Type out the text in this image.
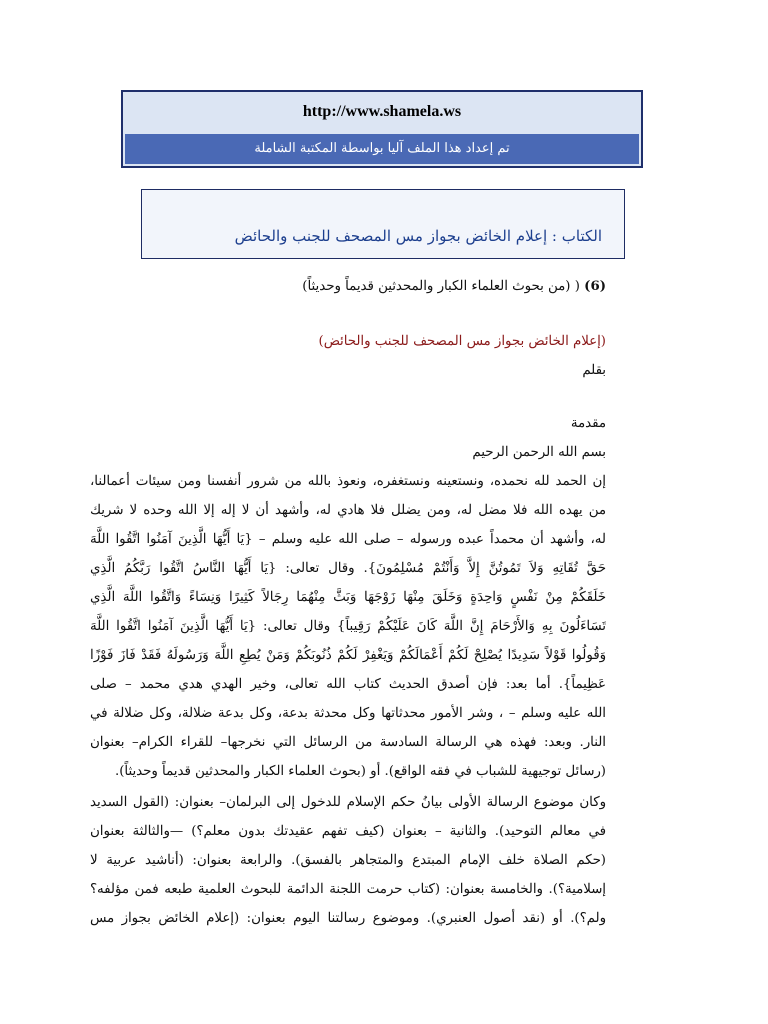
http://www.shamela.ws
تم إعداد هذا الملف آليا بواسطة المكتبة الشاملة
الكتاب : إعلام الخائض بجواز مس المصحف للجنب والحائض
(6) ( (من بحوث العلماء الكبار والمحدثين قديماً وحديثاً)
(إعلام الخائض بجواز مس المصحف للجنب والحائض)
بقلم
مقدمة
بسم الله الرحمن الرحيم
إن الحمد لله نحمده، ونستعينه ونستغفره، ونعوذ بالله من شرور أنفسنا ومن سيئات أعمالنا،
من يهده الله فلا مضل له، ومن يضلل فلا هادي له، وأشهد أن لا إله إلا الله وحده لا شريك
له، وأشهد أن محمداً عبده ورسوله – صلى الله عليه وسلم – {يَا أَيُّهَا الَّذِينَ آمَنُوا اتَّقُوا اللَّهَ
حَقَّ تُقَاتِهِ وَلاَ تَمُوتُنَّ إِلاَّ وَأَنْتُمْ مُسْلِمُونَ}. وقال تعالى: {يَا أَيُّهَا النَّاسُ اتَّقُوا رَبَّكُمُ الَّذِي
خَلَقَكُمْ مِنْ نَفْسٍ وَاحِدَةٍ وَخَلَقَ مِنْهَا زَوْجَهَا وَبَثَّ مِنْهُمَا رِجَالاً كَثِيرًا وَنِسَاءً وَاتَّقُوا اللَّهَ الَّذِي
تَسَاءَلُونَ بِهِ وَالأَرْحَامَ إِنَّ اللَّهَ كَانَ عَلَيْكُمْ رَقِيباً} وقال تعالى: {يَا أَيُّهَا الَّذِينَ آمَنُوا اتَّقُوا اللَّهَ
وَقُولُوا قَوْلاً سَدِيدًا يُصْلِحْ لَكُمْ أَعْمَالَكُمْ وَيَغْفِرْ لَكُمْ ذُنُوبَكُمْ وَمَنْ يُطِعِ اللَّهَ وَرَسُولَهُ فَقَدْ فَازَ فَوْزًا
عَظِيماً}. أما بعد: فإن أصدق الحديث كتاب الله تعالى، وخير الهدي هدي محمد – صلى
الله عليه وسلم – ، وشر الأمور محدثاتها وكل محدثة بدعة، وكل بدعة ضلالة، وكل ضلالة في
النار. وبعد: فهذه هي الرسالة السادسة من الرسائل التي نخرجها– للقراء الكرام– بعنوان
(رسائل توجيهية للشباب في فقه الواقع). أو (بحوث العلماء الكبار والمحدثين قديماً وحديثاً).
وكان موضوع الرسالة الأولى بيانُ حكم الإسلام للدخول إلى البرلمان– بعنوان: (القول السديد
في معالم التوحيد). والثانية – بعنوان (كيف تفهم عقيدتك بدون معلم؟) —والثالثة بعنوان
(حكم الصلاة خلف الإمام المبتدع والمتجاهر بالفسق). والرابعة بعنوان: (أناشيد عربية لا
إسلامية؟). والخامسة بعنوان: (كتاب حرمت اللجنة الدائمة للبحوث العلمية طبعه فمن مؤلفه؟
ولم؟). أو (نقد أصول العنبري). وموضوع رسالتنا اليوم بعنوان: (إعلام الخائض بجواز مس
